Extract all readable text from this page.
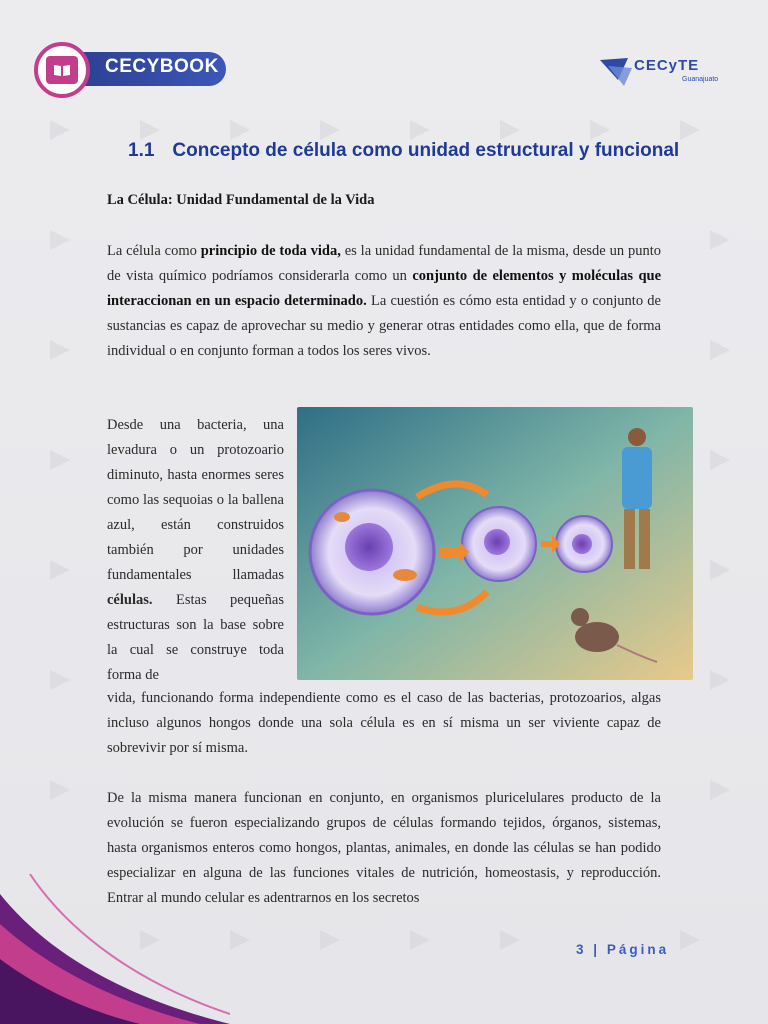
CECYBOOK	CECyTE
Guanajuato
1.1 Concepto de célula como unidad estructural y funcional
La Célula: Unidad Fundamental de la Vida
La célula como principio de toda vida, es la unidad fundamental de la misma, desde un punto de vista químico podríamos considerarla como un conjunto de elementos y moléculas que interaccionan en un espacio determinado. La cuestión es cómo esta entidad y o conjunto de sustancias es capaz de aprovechar su medio y generar otras entidades como ella, que de forma individual o en conjunto forman a todos los seres vivos.
Desde una bacteria, una levadura o un protozoario diminuto, hasta enormes seres como las sequoias o la ballena azul, están construidos también por unidades fundamentales llamadas células. Estas pequeñas estructuras son la base sobre la cual se construye toda forma de
vida, funcionando forma independiente como es el caso de las bacterias, protozoarios, algas incluso algunos hongos donde una sola célula es en sí misma un ser viviente capaz de sobrevivir por sí misma.
De la misma manera funcionan en conjunto, en organismos pluricelulares producto de la evolución se fueron especializando grupos de células formando tejidos, órganos, sistemas, hasta organismos enteros como hongos, plantas, animales, en donde las células se han podido especializar en alguna de las funciones vitales de nutrición, homeostasis, y reproducción. Entrar al mundo celular es adentrarnos en los secretos
3 | Página
